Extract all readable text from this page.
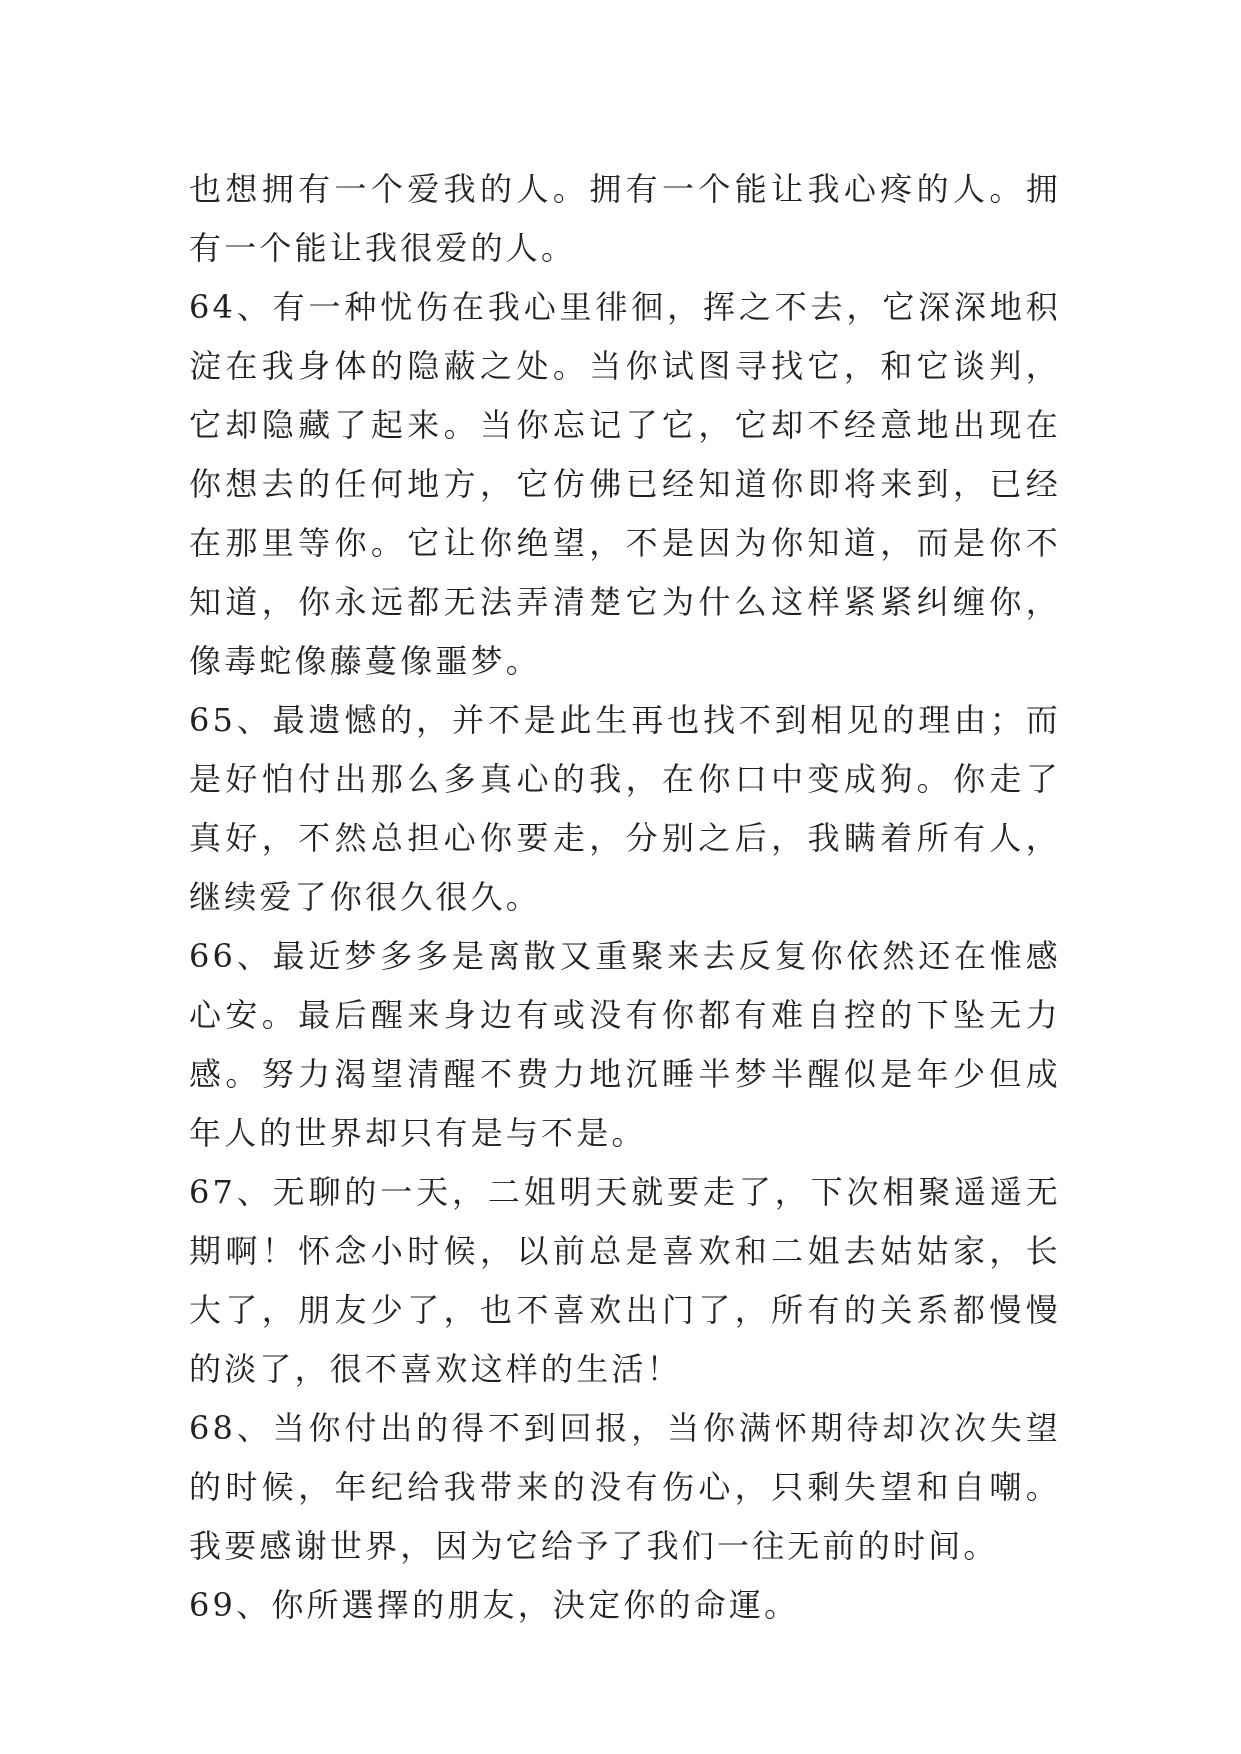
也想拥有一个爱我的人。拥有一个能让我心疼的人。拥有一个能让我很爱的人。

64、有一种忧伤在我心里徘徊，挥之不去，它深深地积淀在我身体的隐蔽之处。当你试图寻找它，和它谈判，它却隐藏了起来。当你忘记了它，它却不经意地出现在你想去的任何地方，它仿佛已经知道你即将来到，已经在那里等你。它让你绝望，不是因为你知道，而是你不知道，你永远都无法弄清楚它为什么这样紧紧纠缠你，像毒蛇像藤蔓像噩梦。

65、最遗憾的，并不是此生再也找不到相见的理由；而是好怕付出那么多真心的我，在你口中变成狗。你走了真好，不然总担心你要走，分别之后，我瞒着所有人，继续爱了你很久很久。

66、最近梦多多是离散又重聚来去反复你依然还在惟感心安。最后醒来身边有或没有你都有难自控的下坠无力感。努力渴望清醒不费力地沉睡半梦半醒似是年少但成年人的世界却只有是与不是。

67、无聊的一天，二姐明天就要走了，下次相聚遥遥无期啊！怀念小时候，以前总是喜欢和二姐去姑姑家，长大了，朋友少了，也不喜欢出门了，所有的关系都慢慢的淡了，很不喜欢这样的生活！

68、当你付出的得不到回报，当你满怀期待却次次失望的时候，年纪给我带来的没有伤心，只剩失望和自嘲。我要感谢世界，因为它给予了我们一往无前的时间。

69、你所選擇的朋友，決定你的命運。
